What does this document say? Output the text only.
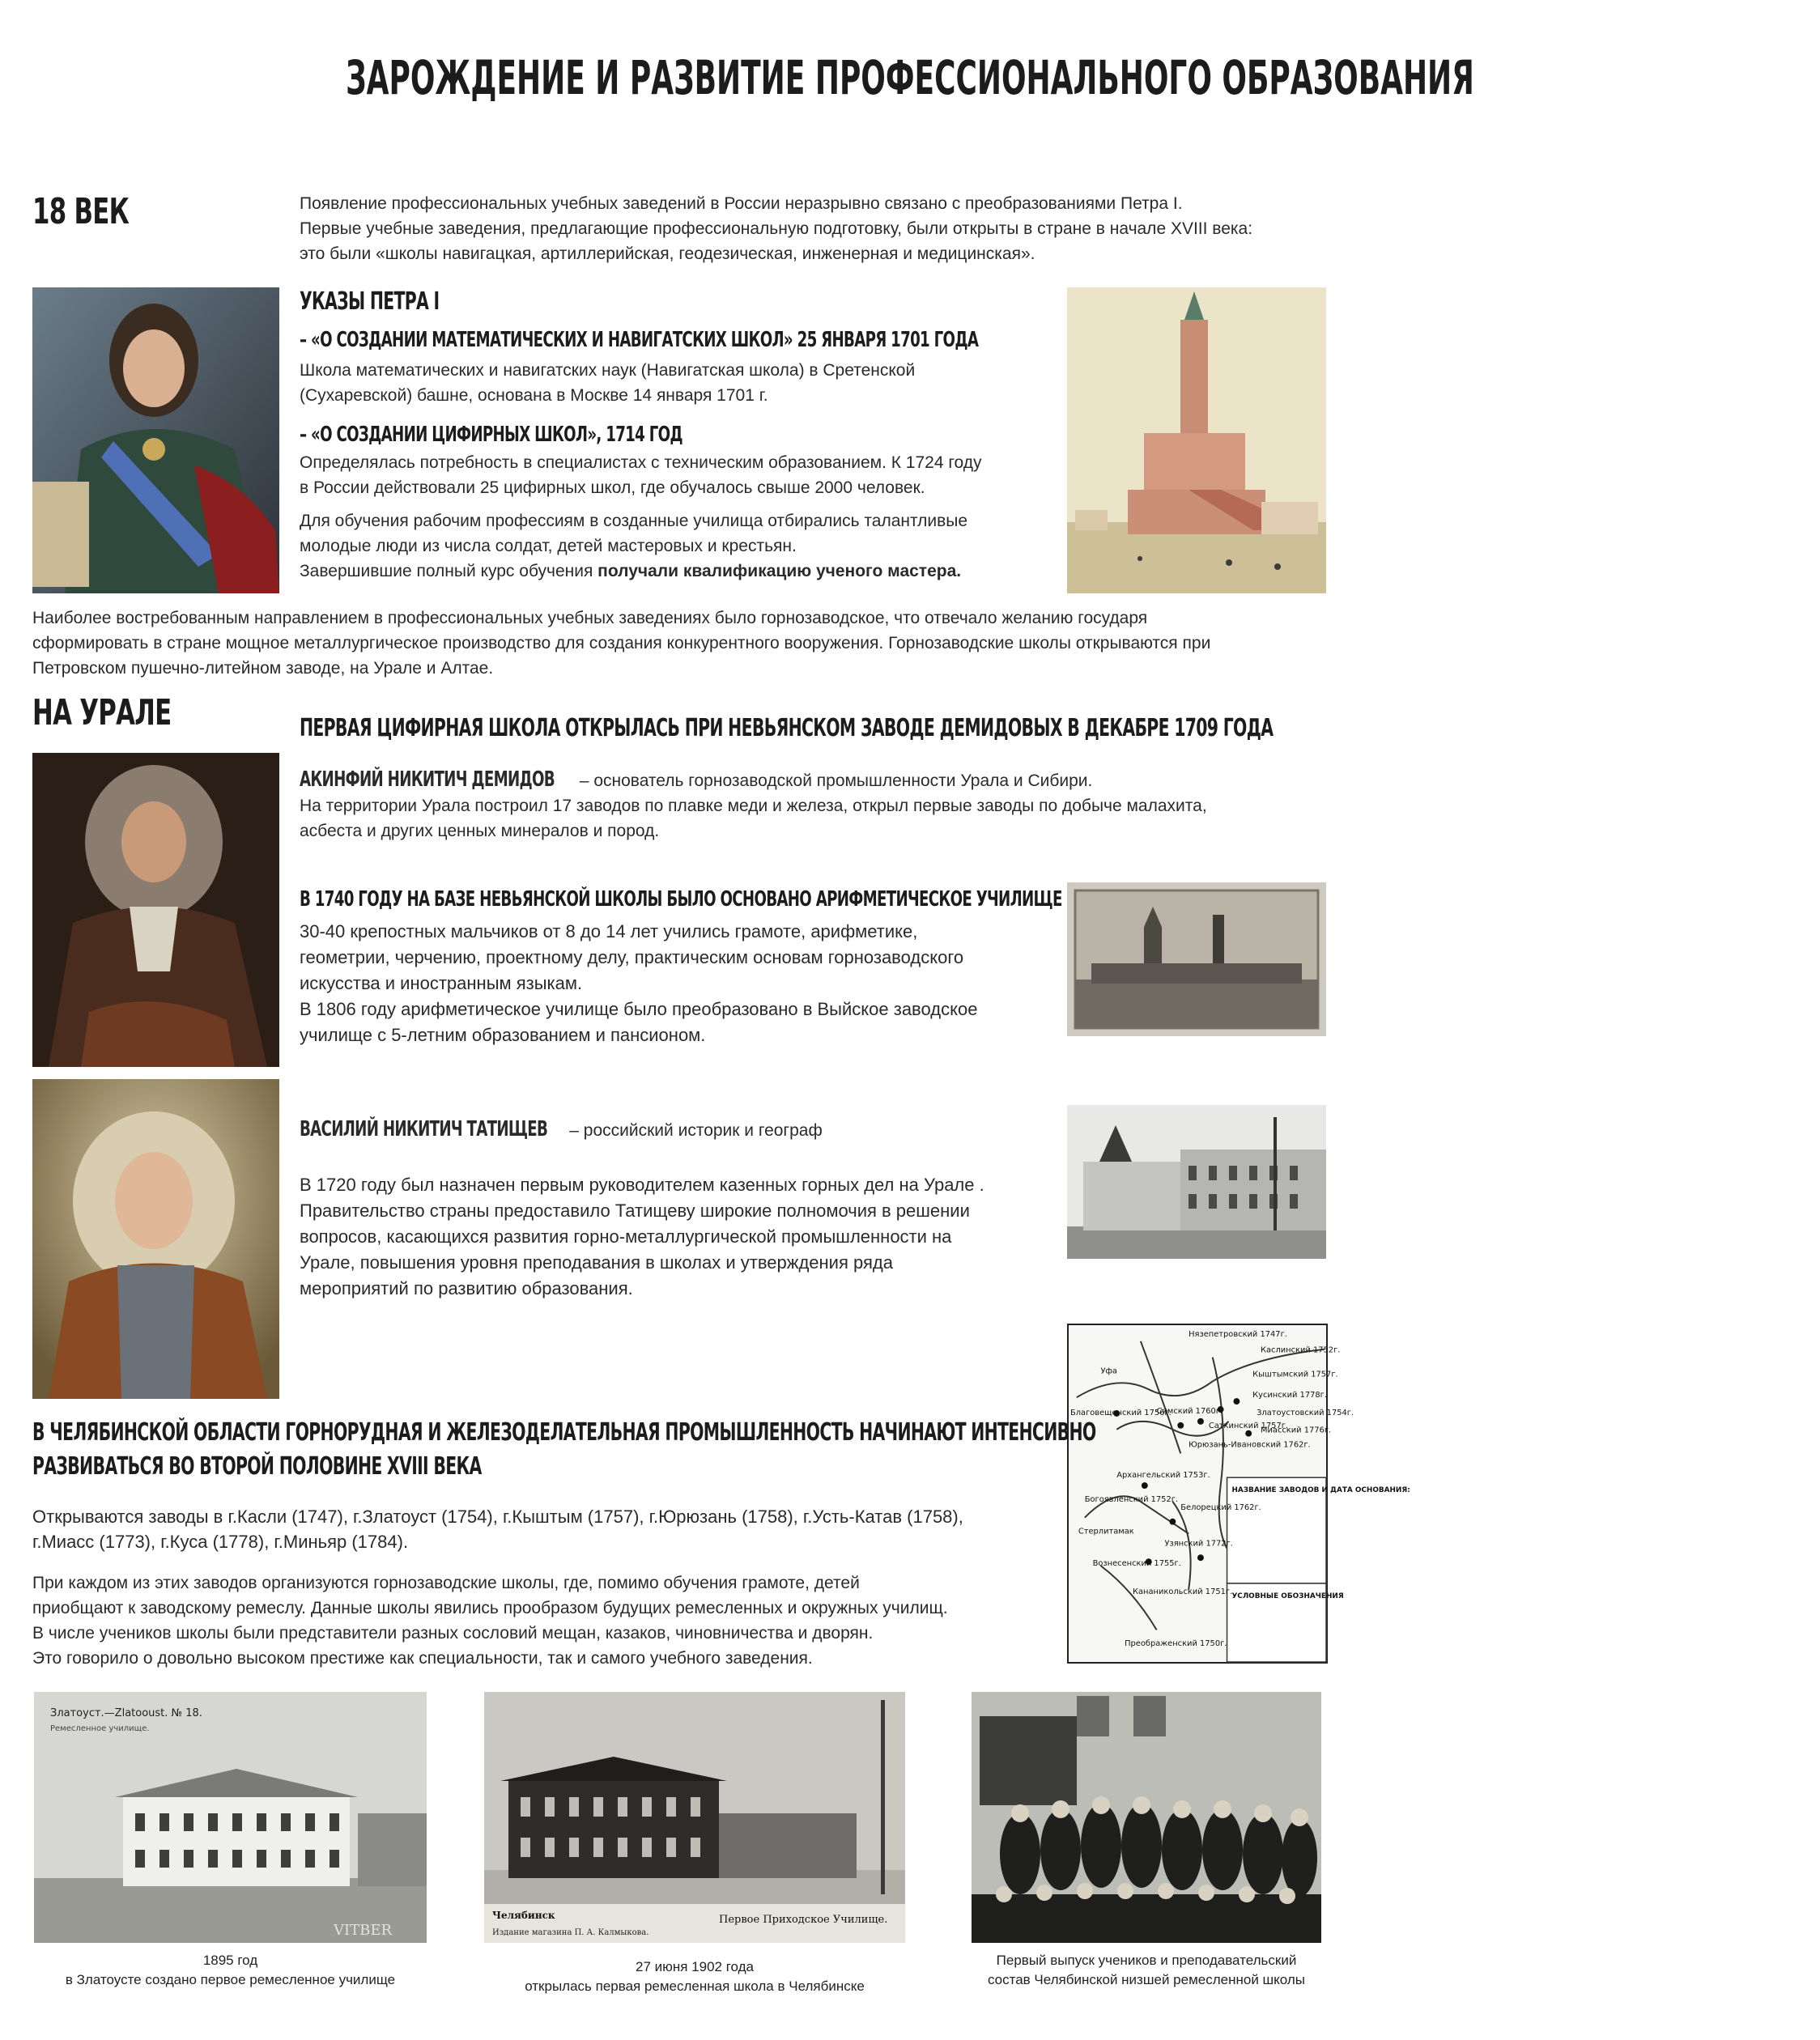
ЗАРОЖДЕНИЕ И РАЗВИТИЕ ПРОФЕССИОНАЛЬНОГО ОБРАЗОВАНИЯ
18 ВЕК	Появление профессиональных учебных заведений в России неразрывно связано с преобразованиями Петра I.

Первые учебные заведения, предлагающие профессиональную подготовку, были открыты в стране в начале XVIII века:

это были «школы навигацкая, артиллерийская, геодезическая, инженерная и медицинская».

УКАЗЫ ПЕТРА I
– «О СОЗДАНИИ МАТЕМАТИЧЕСКИХ И НАВИГАТСКИХ ШКОЛ» 25 ЯНВАРЯ 1701 ГОДА

Школа математических и навигатских наук (Навигатская школа) в Сретенской

(Сухаревской) башне, основана в Москве 14 января 1701 г.

– «О СОЗДАНИИ ЦИФИРНЫХ ШКОЛ», 1714 ГОД

Определялась потребность в специалистах с техническим образованием. К 1724 году

в России действовали 25 цифирных школ, где обучалось свыше 2000 человек.

Для обучения рабочим профессиям в созданные училища отбирались талантливые

молодые люди из числа солдат, детей мастеровых и крестьян.

Завершившие полный курс обучения получали квалификацию ученого мастера.

Наиболее востребованным направлением в профессиональных учебных заведениях было горнозаводское, что отвечало желанию государя

сформировать в стране мощное металлургическое производство для создания конкурентного вооружения. Горнозаводские школы открываются при

Петровском пушечно-литейном заводе, на Урале и Алтае.

НА УРАЛЕ	ПЕРВАЯ ЦИФИРНАЯ ШКОЛА ОТКРЫЛАСЬ ПРИ НЕВЬЯНСКОМ ЗАВОДЕ ДЕМИДОВЫХ В ДЕКАБРЕ 1709 ГОДА

АКИНФИЙ НИКИТИЧ ДЕМИДОВ – основатель горнозаводской промышленности Урала и Сибири.

На территории Урала построил 17 заводов по плавке меди и железа, открыл первые заводы по добыче малахита,

асбеста и других ценных минералов и пород.

В 1740 ГОДУ НА БАЗЕ НЕВЬЯНСКОЙ ШКОЛЫ БЫЛО ОСНОВАНО АРИФМЕТИЧЕСКОЕ УЧИЛИЩЕ

30-40 крепостных мальчиков от 8 до 14 лет учились грамоте, арифметике,

геометрии, черчению, проектному делу, практическим основам горнозаводского

искусства и иностранным языкам.

В 1806 году арифметическое училище было преобразовано в Выйское заводское

училище с 5-летним образованием и пансионом.

ВАСИЛИЙ НИКИТИЧ ТАТИЩЕВ – российский историк и географ

В 1720 году был назначен первым руководителем казенных горных дел на Урале .

Правительство страны предоставило Татищеву широкие полномочия в решении

вопросов, касающихся развития горно-металлургической промышленности на

Урале, повышения уровня преподавания в школах и утверждения ряда

мероприятий по развитию образования.

Нязепетровский 1747г.
Каслинский 1752г.
Кыштымский 1757г.
Кусинский 1778г.
Златоустовский 1754г.
Миасский 1776г.
Юрюзань-Ивановский 1762г.
Саткинский 1757г.
Симский 1760г.
Благовещенский 1756г.
Архангельский 1753г.
Богоявленский 1752г.
Белорецкий 1762г.
Стерлитамак
Узянский 1772г.
Вознесенский 1755г.
Кананикольский 1751г.
Преображенский 1750г.
Уфа
НАЗВАНИЕ ЗАВОДОВ И ДАТА ОСНОВАНИЯ:
УСЛОВНЫЕ ОБОЗНАЧЕНИЯ
В ЧЕЛЯБИНСКОЙ ОБЛАСТИ ГОРНОРУДНАЯ И ЖЕЛЕЗОДЕЛАТЕЛЬНАЯ ПРОМЫШЛЕННОСТЬ НАЧИНАЮТ ИНТЕНСИВНО
РАЗВИВАТЬСЯ ВО ВТОРОЙ ПОЛОВИНЕ XVIII ВЕКА

Открываются заводы в г.Касли (1747), г.Златоуст (1754), г.Кыштым (1757), г.Юрюзань (1758), г.Усть-Катав (1758),

г.Миасс (1773), г.Куса (1778), г.Миньяр (1784).

При каждом из этих заводов организуются горнозаводские школы, где, помимо обучения грамоте, детей

приобщают к заводскому ремеслу. Данные школы явились прообразом будущих ремесленных и окружных училищ.

В числе учеников школы были представители разных сословий мещан, казаков, чиновничества и дворян.

Это говорило о довольно высоком престиже как специальности, так и самого учебного заведения.

Златоуст.—Zlatooust. № 18.
Ремесленное училище.
VITBER
1895 год
в Златоусте создано первое ремесленное училище
Челябинск	Первое Приходское Училище.
Издание магазина П. А. Калмыкова.
27 июня 1902 года
открылась первая ремесленная школа в Челябинске
Первый выпуск учеников и преподавательский
состав Челябинской низшей ремесленной школы
